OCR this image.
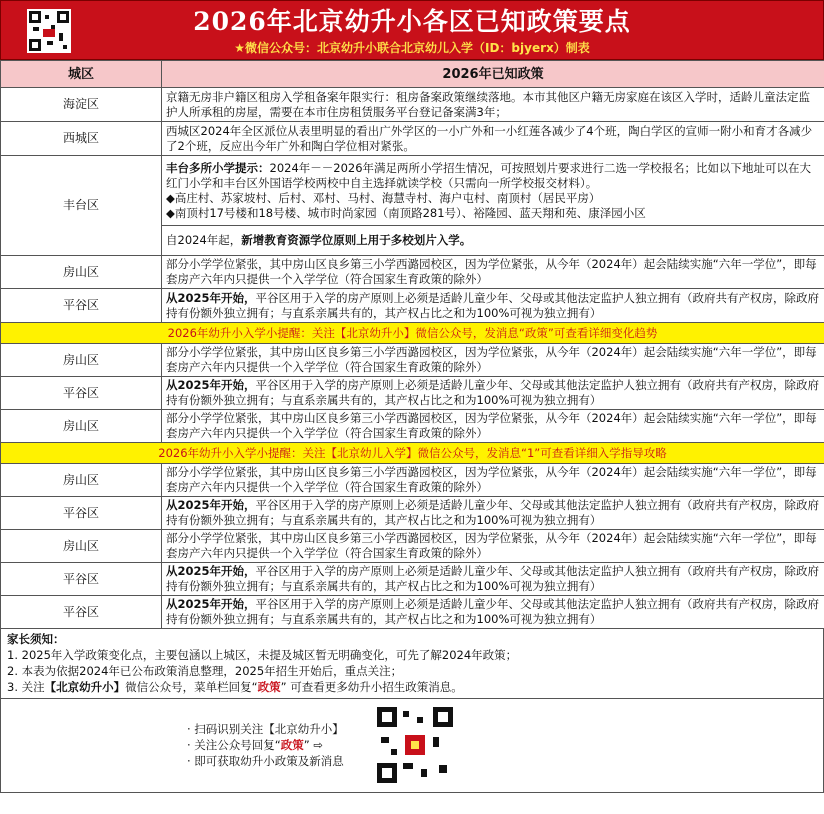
2026年北京幼升小各区已知政策要点
★微信公众号：北京幼升小联合北京幼儿入学（ID：bjyerx）制表
城区	2026年已知政策
海淀区	京籍无房非户籍区租房入学租备案年限实行：租房备案政策继续落地。本市其他区户籍无房家庭在该区入学时，适龄儿童法定监护人所承租的房屋，需要在本市住房租赁服务平台登记备案满3年；
西城区	西城区2024年全区派位从表里明显的看出广外学区的一小广外和一小红莲各减少了4个班，陶白学区的宣师一附小和育才各减少了2个班，反应出今年广外和陶白学位相对紧张。
丰台区	丰台多所小学提示：2024年－－2026年满足两所小学招生情况，可按照划片要求进行二选一学校报名；比如以下地址可以在大红门小学和丰台区外国语学校两校中自主选择就读学校（只需向一所学校报交材料）。
◆高庄村、苏家坡村、后村、邓村、马村、海慧寺村、海户屯村、南顶村（居民平房）
◆南顶村17号楼和18号楼、城市时尚家园（南顶路281号）、裕隆园、蓝天翔和苑、康泽园小区
	自2024年起，新增教育资源学位原则上用于多校划片入学。
房山区	部分小学学位紧张，其中房山区良乡第三小学西潞园校区，因为学位紧张，从今年（2024年）起会陆续实施“六年一学位”，即每套房产六年内只提供一个入学学位（符合国家生育政策的除外）
平谷区	从2025年开始，平谷区用于入学的房产原则上必须是适龄儿童少年、父母或其他法定监护人独立拥有（政府共有产权房，除政府持有份额外独立拥有；与直系亲属共有的，其产权占比之和为100%可视为独立拥有）
2026年幼升小入学小提醒：关注【北京幼升小】微信公众号，发消息“政策”可查看详细变化趋势	
房山区	部分小学学位紧张，其中房山区良乡第三小学西潞园校区，因为学位紧张，从今年（2024年）起会陆续实施“六年一学位”，即每套房产六年内只提供一个入学学位（符合国家生育政策的除外）
平谷区	从2025年开始，平谷区用于入学的房产原则上必须是适龄儿童少年、父母或其他法定监护人独立拥有（政府共有产权房，除政府持有份额外独立拥有；与直系亲属共有的，其产权占比之和为100%可视为独立拥有）
房山区	部分小学学位紧张，其中房山区良乡第三小学西潞园校区，因为学位紧张，从今年（2024年）起会陆续实施“六年一学位”，即每套房产六年内只提供一个入学学位（符合国家生育政策的除外）
2026年幼升小入学小提醒：关注【北京幼儿入学】微信公众号，发消息“1”可查看详细入学指导攻略	
房山区	部分小学学位紧张，其中房山区良乡第三小学西潞园校区，因为学位紧张，从今年（2024年）起会陆续实施“六年一学位”，即每套房产六年内只提供一个入学学位（符合国家生育政策的除外）
平谷区	从2025年开始，平谷区用于入学的房产原则上必须是适龄儿童少年、父母或其他法定监护人独立拥有（政府共有产权房，除政府持有份额外独立拥有；与直系亲属共有的，其产权占比之和为100%可视为独立拥有）
房山区	部分小学学位紧张，其中房山区良乡第三小学西潞园校区，因为学位紧张，从今年（2024年）起会陆续实施“六年一学位”，即每套房产六年内只提供一个入学学位（符合国家生育政策的除外）
平谷区	从2025年开始，平谷区用于入学的房产原则上必须是适龄儿童少年、父母或其他法定监护人独立拥有（政府共有产权房，除政府持有份额外独立拥有；与直系亲属共有的，其产权占比之和为100%可视为独立拥有）
平谷区	从2025年开始，平谷区用于入学的房产原则上必须是适龄儿童少年、父母或其他法定监护人独立拥有（政府共有产权房，除政府持有份额外独立拥有；与直系亲属共有的，其产权占比之和为100%可视为独立拥有）
家长须知：
1. 2025年入学政策变化点，主要包涵以上城区，未提及城区暂无明确变化，可先了解2024年政策；
2. 本表为依据2024年已公布政策消息整理，2025年招生开始后，重点关注；
3. 关注【北京幼升小】微信公众号，菜单栏回复“政策” 可查看更多幼升小招生政策消息。
· 扫码识别关注【北京幼升小】
· 关注公众号回复“政策” ⇨
· 即可获取幼升小政策及新消息
